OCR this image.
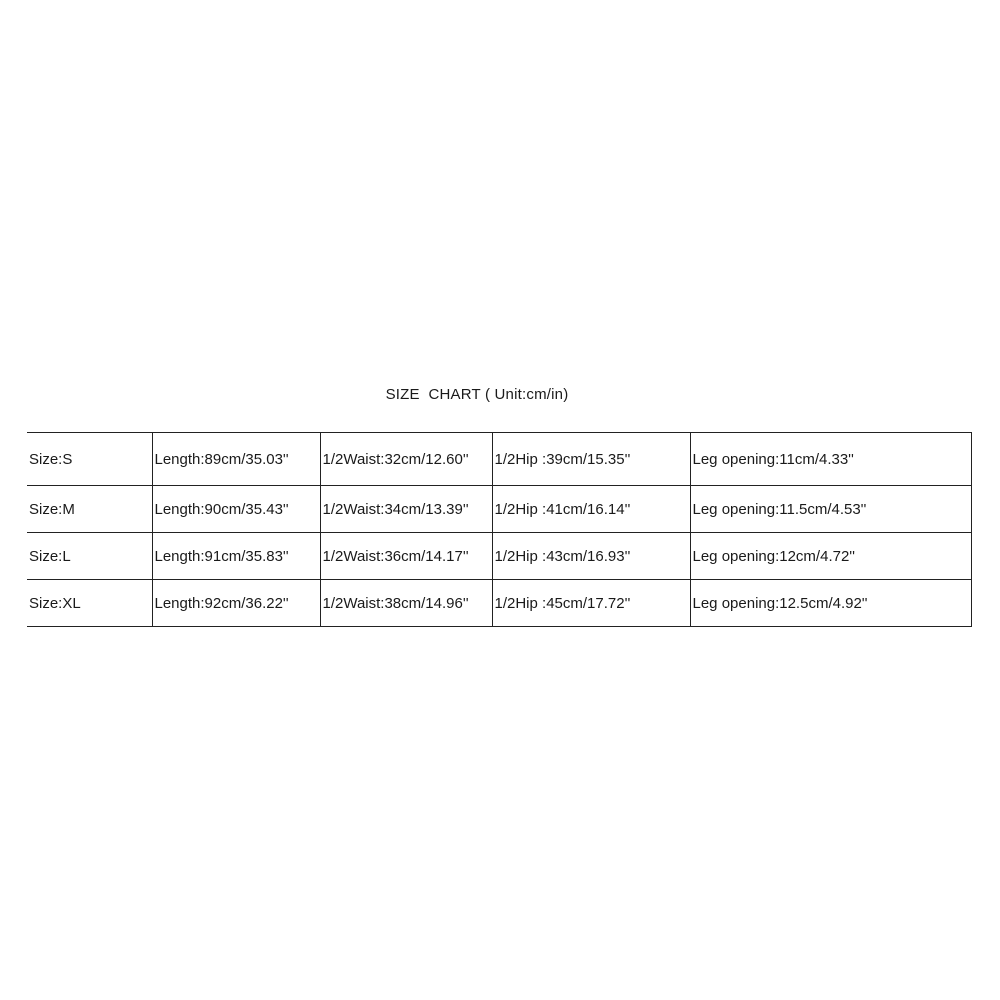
SIZE  CHART ( Unit:cm/in)
Size:S	Length:89cm/35.03''	1/2Waist:32cm/12.60''	1/2Hip :39cm/15.35''	Leg opening:11cm/4.33''
Size:M	Length:90cm/35.43''	1/2Waist:34cm/13.39''	1/2Hip :41cm/16.14''	Leg opening:11.5cm/4.53''
Size:L	Length:91cm/35.83''	1/2Waist:36cm/14.17''	1/2Hip :43cm/16.93''	Leg opening:12cm/4.72''
Size:XL	Length:92cm/36.22''	1/2Waist:38cm/14.96''	1/2Hip :45cm/17.72''	Leg opening:12.5cm/4.92''
